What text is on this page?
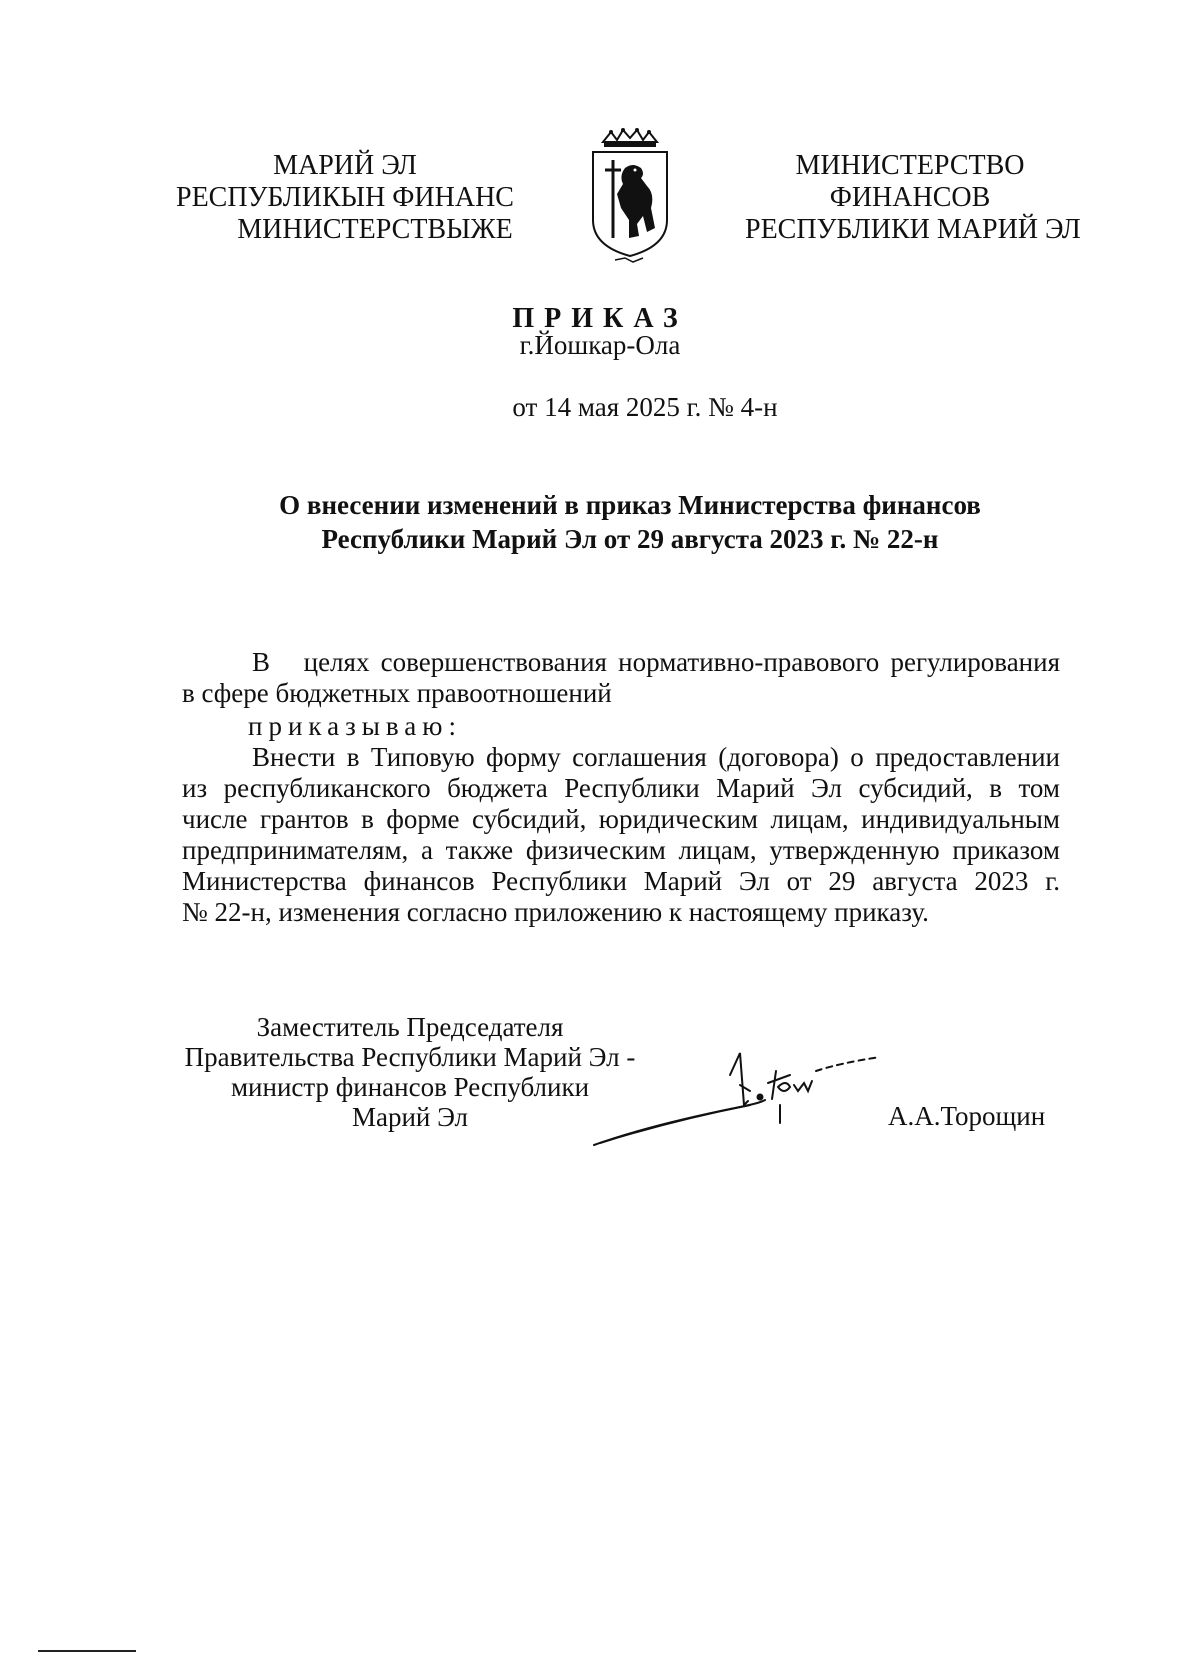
МАРИЙ ЭЛ
РЕСПУБЛИКЫН ФИНАНС
МИНИСТЕРСТВЫЖЕ
МИНИСТЕРСТВО
ФИНАНСОВ
РЕСПУБЛИКИ МАРИЙ ЭЛ
ПРИКАЗ
г.Йошкар-Ола
от 14 мая 2025 г. № 4-н
О внесении изменений в приказ Министерства финансов
Республики Марий Эл от 29 августа 2023 г. № 22-н
В   целях совершенствования нормативно-правового регулирования
в сфере бюджетных правоотношений
приказываю:
Внести в Типовую форму соглашения (договора) о предоставлении
из республиканского бюджета Республики Марий Эл субсидий, в том
числе грантов в форме субсидий, юридическим лицам, индивидуальным
предпринимателям, а также физическим лицам, утвержденную приказом
Министерства финансов Республики Марий Эл от 29 августа 2023 г.
№ 22-н, изменения согласно приложению к настоящему приказу.
Заместитель Председателя
Правительства Республики Марий Эл -
министр финансов Республики
Марий Эл	А.А.Торощин
